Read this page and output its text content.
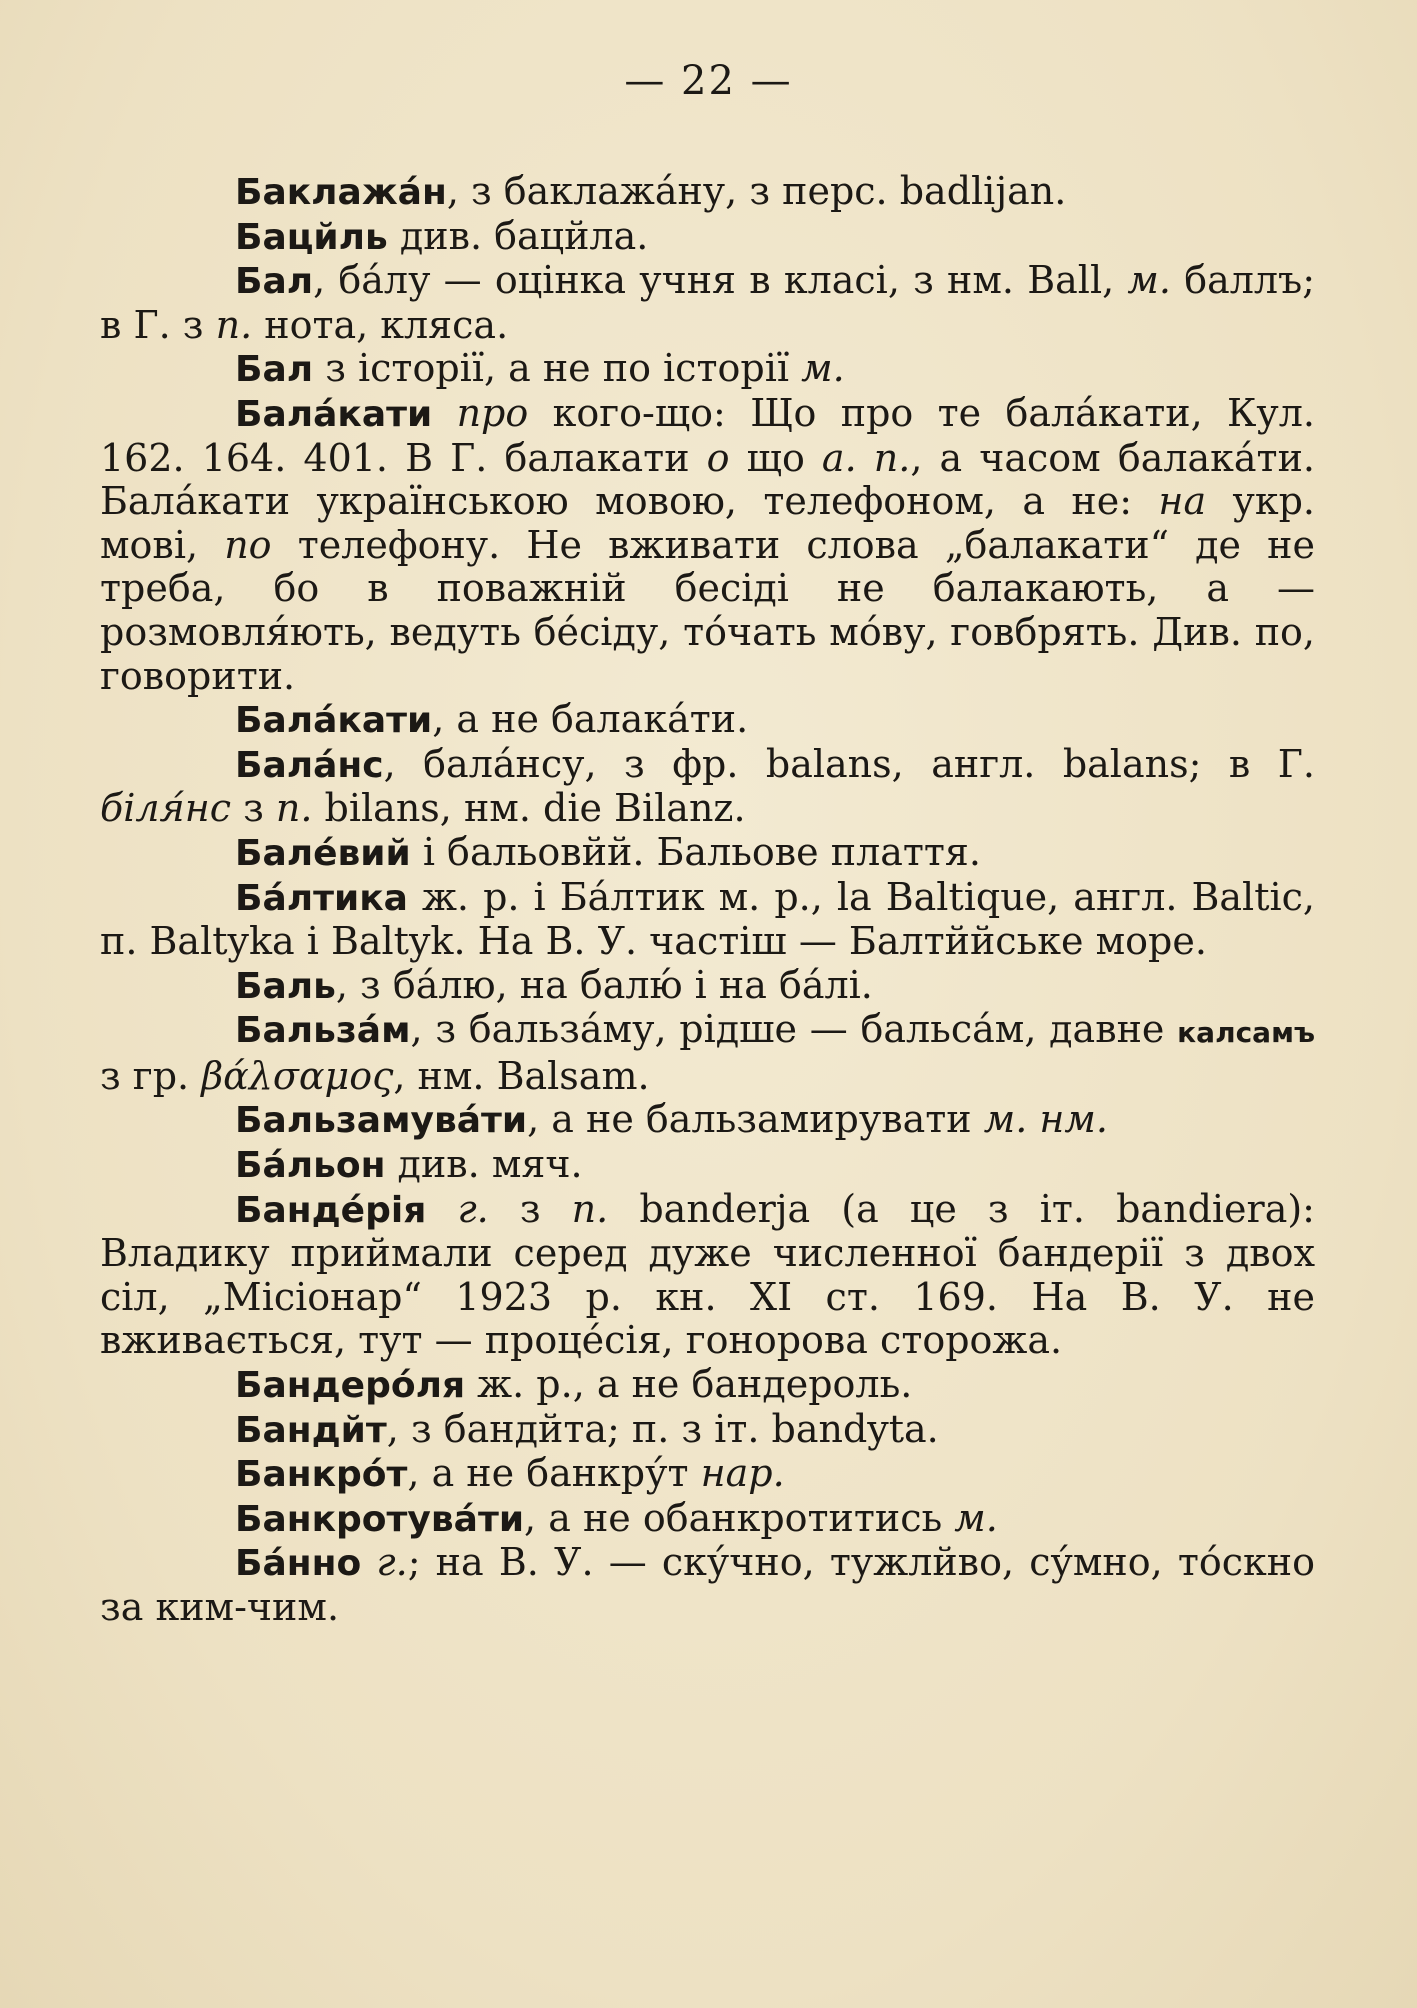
— 22 —

Баклажа́н, з баклажа́ну, з перс. badlijan.

Бацйль див. бацйла.

Бал, ба́лу — оцінка учня в класі, з нм. Ball, м. баллъ; в Г. з п. нота, кляса.

Бал з історії, а не по історії м.

Бала́кати про кого-що: Що про те бала́кати, Кул. 162. 164. 401. В Г. балакати о що а. п., а часом балака́ти. Бала́кати українською мовою, телефоном, а не: на укр. мові, по телефону. Не вживати слова „балакати“ де не треба, бо в поважній бесіді не балакають, а — розмовля́ють, ведуть бе́сіду, то́чать мо́ву, говбрять. Див. по, говорити.

Бала́кати, а не балака́ти.

Бала́нс, бала́нсу, з фр. balans, англ. balans; в Г. біля́нс з п. bilans, нм. die Bilanz.

Бале́вий і бальовйй. Бальове плаття.

Ба́лтика ж. р. і Ба́лтик м. р., la Baltique, англ. Baltic, п. Baltyka і Baltyk. На В. У. частіш — Балтййське море.

Баль, з ба́лю, на балю́ і на ба́лі.

Бальза́м, з бальза́му, рідше — бальса́м, давне калсамъ з гр. βάλσαμος, нм. Balsam.

Бальзамува́ти, а не бальзамирувати м. нм.

Ба́льон див. мяч.

Банде́рія г. з п. banderja (а це з іт. bandiera): Владику приймали серед дуже численної бандерії з двох сіл, „Місіонар“ 1923 р. кн. XI ст. 169. На В. У. не вживається, тут — проце́сія, гонорова сторожа.

Бандеро́ля ж. р., а не бандероль.

Бандйт, з бандйта; п. з іт. bandyta.

Банкро́т, а не банкру́т нар.

Банкротува́ти, а не обанкротитись м.

Ба́нно г.; на В. У. — ску́чно, тужлйво, су́мно, то́скно за ким-чим.
